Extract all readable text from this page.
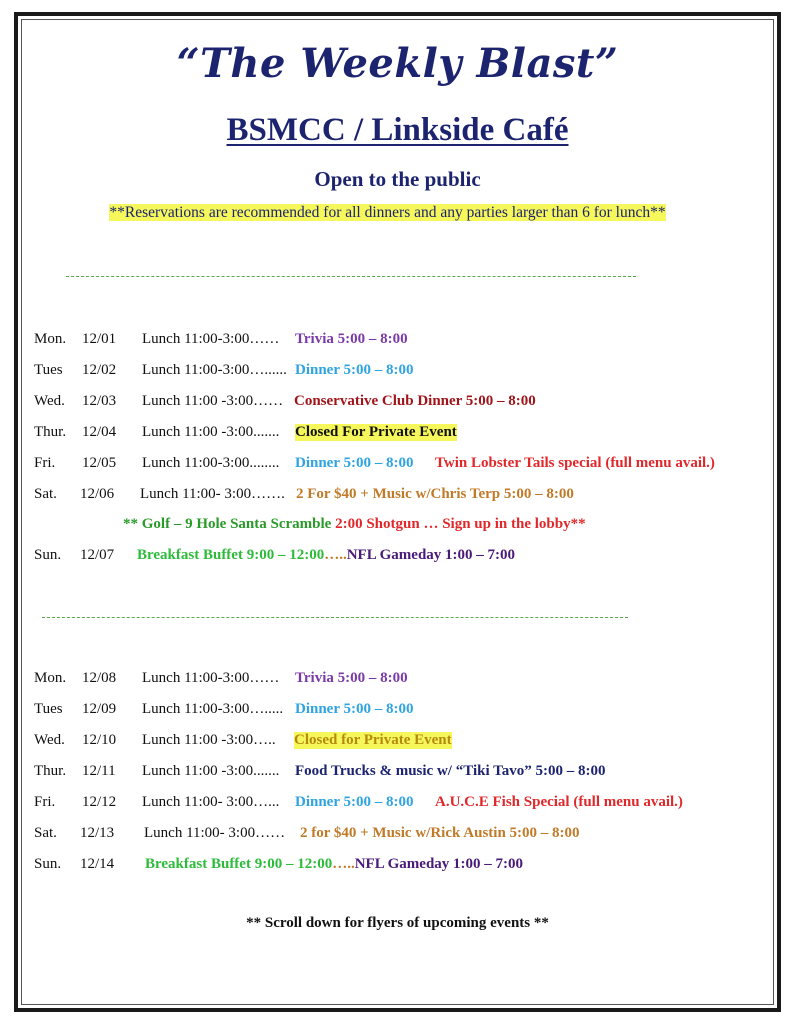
“The Weekly Blast”
BSMCC / Linkside Café
Open to the public
**Reservations are recommended for all dinners and any parties larger than 6 for lunch**
Mon. 12/01 Lunch 11:00-3:00…… Trivia 5:00 – 8:00
Tues 12/02 Lunch 11:00-3:00…...... Dinner 5:00 – 8:00
Wed. 12/03 Lunch 11:00 -3:00…… Conservative Club Dinner 5:00 – 8:00
Thur. 12/04 Lunch 11:00 -3:00....... Closed For Private Event
Fri. 12/05 Lunch 11:00-3:00........ Dinner 5:00 – 8:00 Twin Lobster Tails special (full menu avail.)
Sat. 12/06 Lunch 11:00- 3:00……. 2 For $40 + Music w/Chris Terp 5:00 – 8:00
** Golf – 9 Hole Santa Scramble 2:00 Shotgun … Sign up in the lobby**
Sun. 12/07 Breakfast Buffet 9:00 – 12:00…..NFL Gameday 1:00 – 7:00
Mon. 12/08 Lunch 11:00-3:00…… Trivia 5:00 – 8:00
Tues 12/09 Lunch 11:00-3:00…..... Dinner 5:00 – 8:00
Wed. 12/10 Lunch 11:00 -3:00….. Closed for Private Event
Thur. 12/11 Lunch 11:00 -3:00....... Food Trucks & music w/ “Tiki Tavo” 5:00 – 8:00
Fri. 12/12 Lunch 11:00- 3:00…... Dinner 5:00 – 8:00 A.U.C.E Fish Special (full menu avail.)
Sat. 12/13 Lunch 11:00- 3:00…… 2 for $40 + Music w/Rick Austin 5:00 – 8:00
Sun. 12/14 Breakfast Buffet 9:00 – 12:00…..NFL Gameday 1:00 – 7:00
** Scroll down for flyers of upcoming events **
